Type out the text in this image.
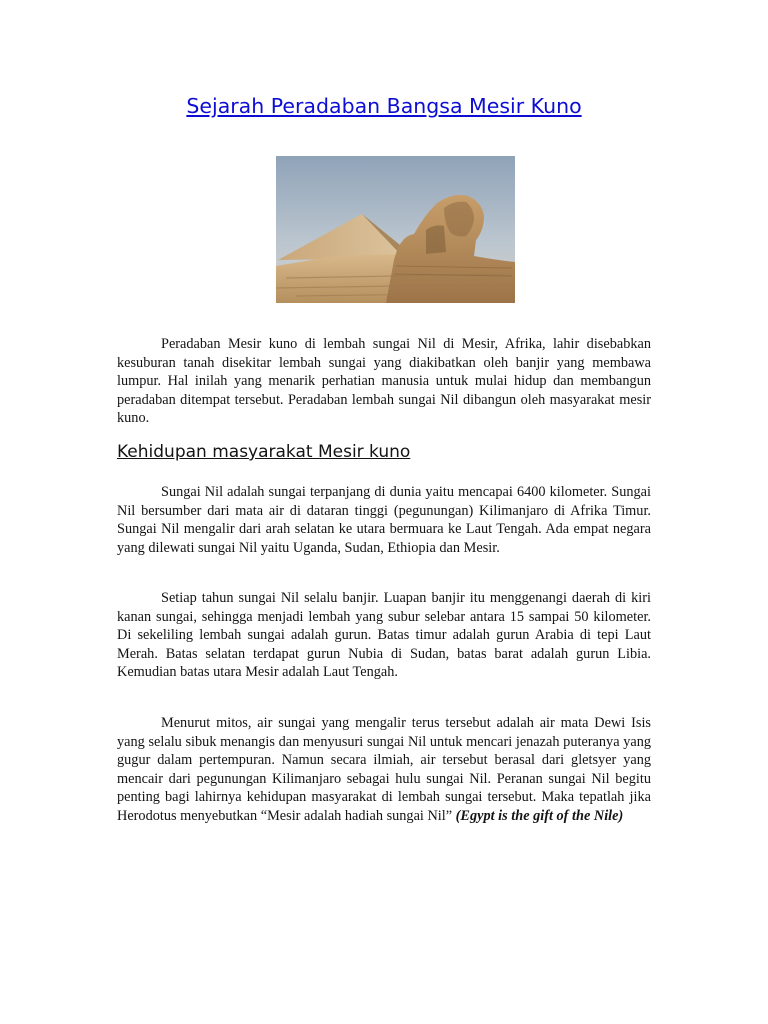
Sejarah Peradaban Bangsa Mesir Kuno

Peradaban Mesir kuno di lembah sungai Nil di Mesir, Afrika, lahir disebabkan kesuburan tanah disekitar lembah sungai yang diakibatkan oleh banjir yang membawa lumpur. Hal inilah yang menarik perhatian manusia untuk mulai hidup dan membangun peradaban ditempat tersebut. Peradaban lembah sungai Nil dibangun oleh masyarakat mesir kuno.

Kehidupan masyarakat Mesir kuno

Sungai Nil adalah sungai terpanjang di dunia yaitu mencapai 6400 kilometer. Sungai Nil bersumber dari mata air di dataran tinggi (pegunungan) Kilimanjaro di Afrika Timur. Sungai Nil mengalir dari arah selatan ke utara bermuara ke Laut Tengah. Ada empat negara yang dilewati sungai Nil yaitu Uganda, Sudan, Ethiopia dan Mesir.

Setiap tahun sungai Nil selalu banjir. Luapan banjir itu menggenangi daerah di kiri kanan sungai, sehingga menjadi lembah yang subur selebar antara 15 sampai 50 kilometer. Di sekeliling lembah sungai adalah gurun. Batas timur adalah gurun Arabia di tepi Laut Merah. Batas selatan terdapat gurun Nubia di Sudan, batas barat adalah gurun Libia. Kemudian batas utara Mesir adalah Laut Tengah.

Menurut mitos, air sungai yang mengalir terus tersebut adalah air mata Dewi Isis yang selalu sibuk menangis dan menyusuri sungai Nil untuk mencari jenazah puteranya yang gugur dalam pertempuran. Namun secara ilmiah, air tersebut berasal dari gletsyer yang mencair dari pegunungan Kilimanjaro sebagai hulu sungai Nil. Peranan sungai Nil begitu penting bagi lahirnya kehidupan masyarakat di lembah sungai tersebut. Maka tepatlah jika Herodotus menyebutkan “Mesir adalah hadiah sungai Nil” (Egypt is the gift of the Nile)
